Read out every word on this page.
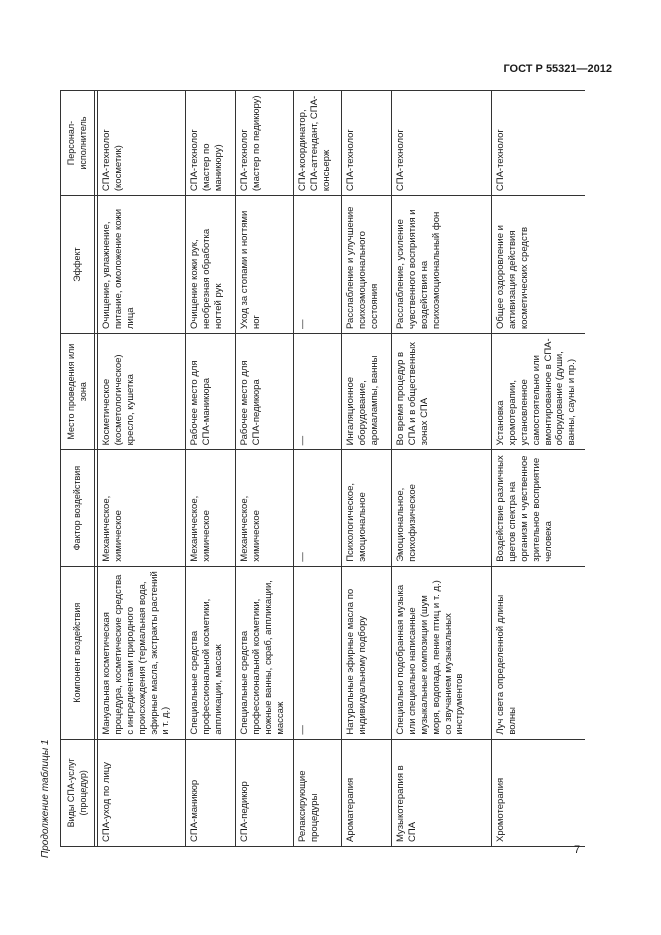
ГОСТ Р 55321—2012
Продолжение таблицы 1 Виды СПА-услуг (процедур)	Компонент воздействия	Фактор воздействия	Место проведения или зона	Эффект	Персонал-исполнитель

СПА-уход по лицу	Мануальная косметическая процедура, косметические средства с ингредиентами природного происхождения (термальная вода, эфирные масла, экстракты растений и т. д.)	Механическое, химическое	Косметическое (косметологическое) кресло, кушетка	Очищение, увлажнение, питание, омоложение кожи лица	СПА-технолог (косметик)
СПА-маникюр	Специальные средства профессиональной косметики, аппликации, массаж	Механическое, химическое	Рабочее место для СПА-маникюра	Очищение кожи рук, необрезная обработка ногтей рук	СПА-технолог (мастер по маникюру)
СПА-педикюр	Специальные средства профессиональной косметики, ножные ванны, скраб, аппликации, массаж	Механическое, химическое	Рабочее место для СПА-педикюра	Уход за стопами и ногтями ног	СПА-технолог (мастер по педикюру)
Релаксирующие процедуры	—	—	—	—	СПА-координатор, СПА-аттендант, СПА-консьерж
Ароматерапия	Натуральные эфирные масла по индивидуальному подбору	Психологическое, эмоциональное	Ингаляционное оборудование, аромалампы, ванны	Расслабление и улучшение психоэмоционального состояния	СПА-технолог
Музыкотерапия в СПА	Специально подобранная музыка или специально написанные музыкальные композиции (шум моря, водопада, пение птиц и т. д.) со звучанием музыкальных инструментов	Эмоциональное, психофизическое	Во время процедур в СПА и в общественных зонах СПА	Расслабление, усиление чувственного восприятия и воздействия на психоэмоциональный фон	СПА-технолог
Хромотерапия	Луч света определенной длины волны	Воздействие различных цветов спектра на организм и чувственное зрительное восприятие человека	Установка хромотерапии, установленное самостоятельно или вмонтированное в СПА-оборудование (души, ванны, сауны и пр.)	Общее оздоровление и активизация действия косметических средств	СПА-технолог
7
